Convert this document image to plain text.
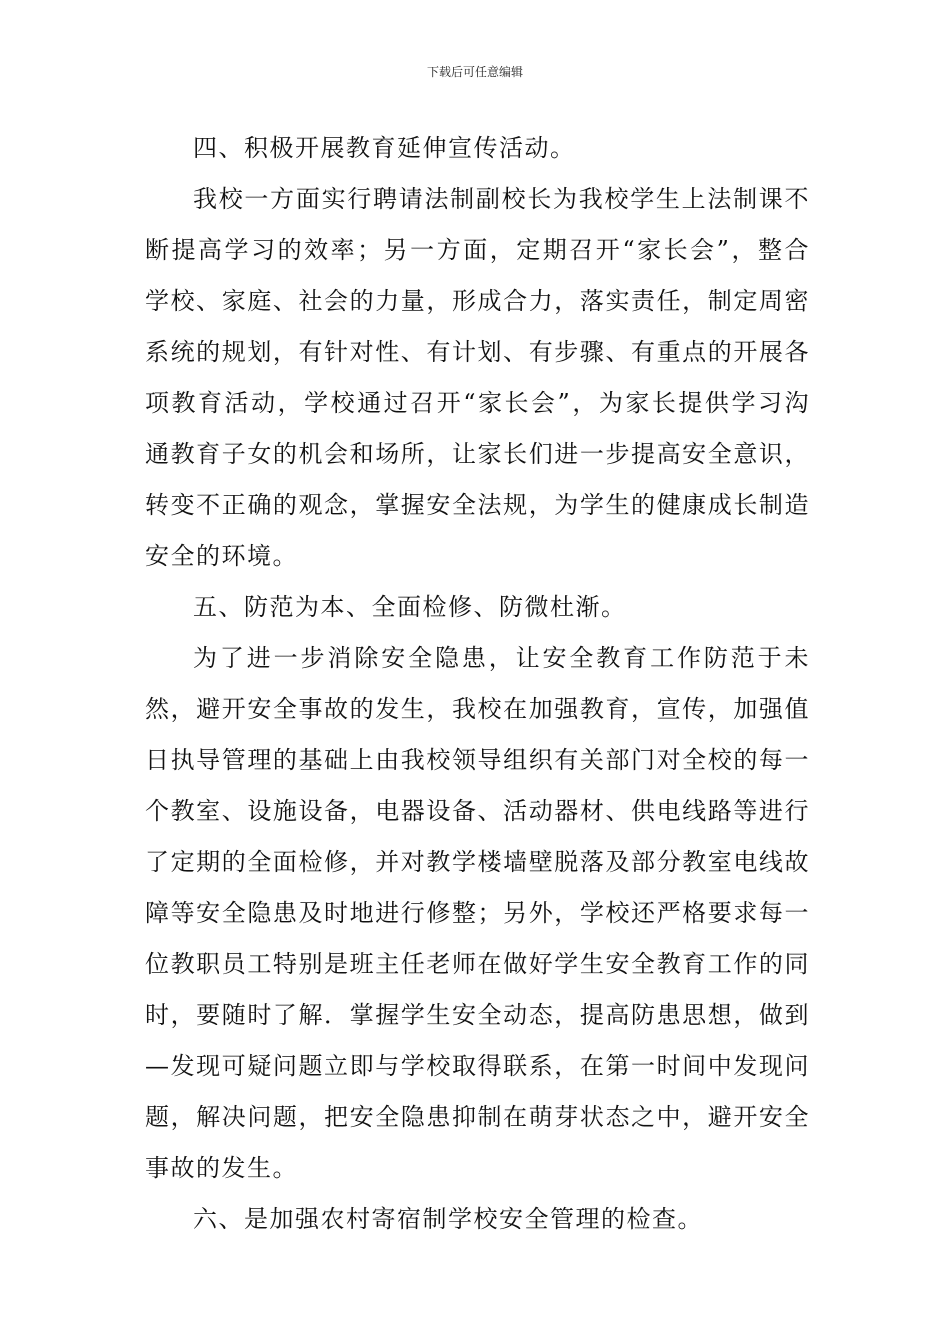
下载后可任意编辑

四、积极开展教育延伸宣传活动。

我校一方面实行聘请法制副校长为我校学生上法制课不断提高学习的效率；另一方面，定期召开“家长会”，整合学校、家庭、社会的力量，形成合力，落实责任，制定周密系统的规划，有针对性、有计划、有步骤、有重点的开展各项教育活动，学校通过召开“家长会”，为家长提供学习沟通教育子女的机会和场所，让家长们进一步提高安全意识，转变不正确的观念，掌握安全法规，为学生的健康成长制造安全的环境。

五、防范为本、全面检修、防微杜渐。

为了进一步消除安全隐患，让安全教育工作防范于未然，避开安全事故的发生，我校在加强教育，宣传，加强值日执导管理的基础上由我校领导组织有关部门对全校的每一个教室、设施设备，电器设备、活动器材、供电线路等进行了定期的全面检修，并对教学楼墙壁脱落及部分教室电线故障等安全隐患及时地进行修整；另外，学校还严格要求每一位教职员工特别是班主任老师在做好学生安全教育工作的同时，要随时了解．掌握学生安全动态，提高防患思想，做到—发现可疑问题立即与学校取得联系，在第一时间中发现问题，解决问题，把安全隐患抑制在萌芽状态之中，避开安全事故的发生。

六、是加强农村寄宿制学校安全管理的检查。
